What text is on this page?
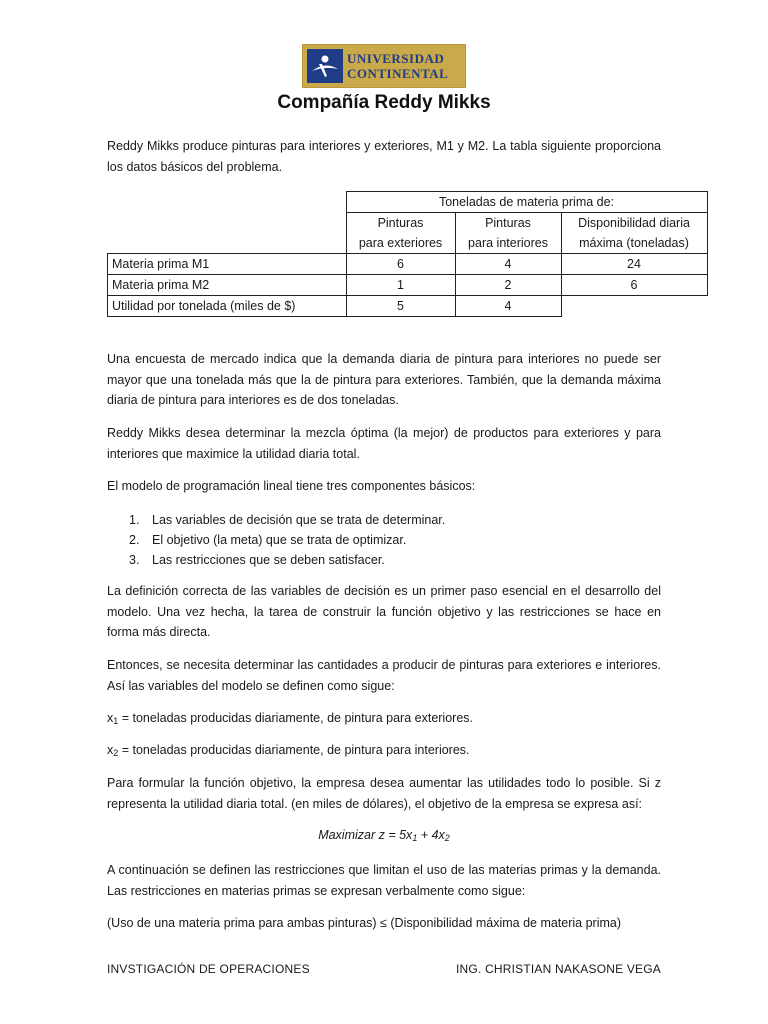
UNIVERSIDAD
CONTINENTAL
Compañía Reddy Mikks
Reddy Mikks produce pinturas para interiores y exteriores, M1 y M2. La tabla siguiente proporciona los datos básicos del problema.
	Toneladas de materia prima de:		
	Pinturas	Pinturas	Disponibilidad diaria
	para exteriores	para interiores	máxima (toneladas)
Materia prima M1	6	4	24
Materia prima M2	1	2	6
Utilidad por tonelada (miles de $)	5	4	
Una encuesta de mercado indica que la demanda diaria de pintura para interiores no puede ser mayor que una tonelada más que la de pintura para exteriores. También, que la demanda máxima diaria de pintura para interiores es de dos toneladas.
Reddy Mikks desea determinar la mezcla óptima (la mejor) de productos para exteriores y para interiores que maximice la utilidad diaria total.
El modelo de programación lineal tiene tres componentes básicos:
1. Las variables de decisión que se trata de determinar.
2. El objetivo (la meta) que se trata de optimizar.
3. Las restricciones que se deben satisfacer.
La definición correcta de las variables de decisión es un primer paso esencial en el desarrollo del modelo. Una vez hecha, la tarea de construir la función objetivo y las restricciones se hace en forma más directa.
Entonces, se necesita determinar las cantidades a producir de pinturas para exteriores e interiores. Así las variables del modelo se definen como sigue:
$x_1$ = toneladas producidas diariamente, de pintura para exteriores.
$x_2$ = toneladas producidas diariamente, de pintura para interiores.
Para formular la función objetivo, la empresa desea aumentar las utilidades todo lo posible. Si z representa la utilidad diaria total. (en miles de dólares), el objetivo de la empresa se expresa así:
Maximizar $z = 5x_1 + 4x_2$
A continuación se definen las restricciones que limitan el uso de las materias primas y la demanda. Las restricciones en materias primas se expresan verbalmente como sigue:
(Uso de una materia prima para ambas pinturas) ≤ (Disponibilidad máxima de materia prima)
INVSTIGACIÓN DE OPERACIONES	ING. CHRISTIAN NAKASONE VEGA
